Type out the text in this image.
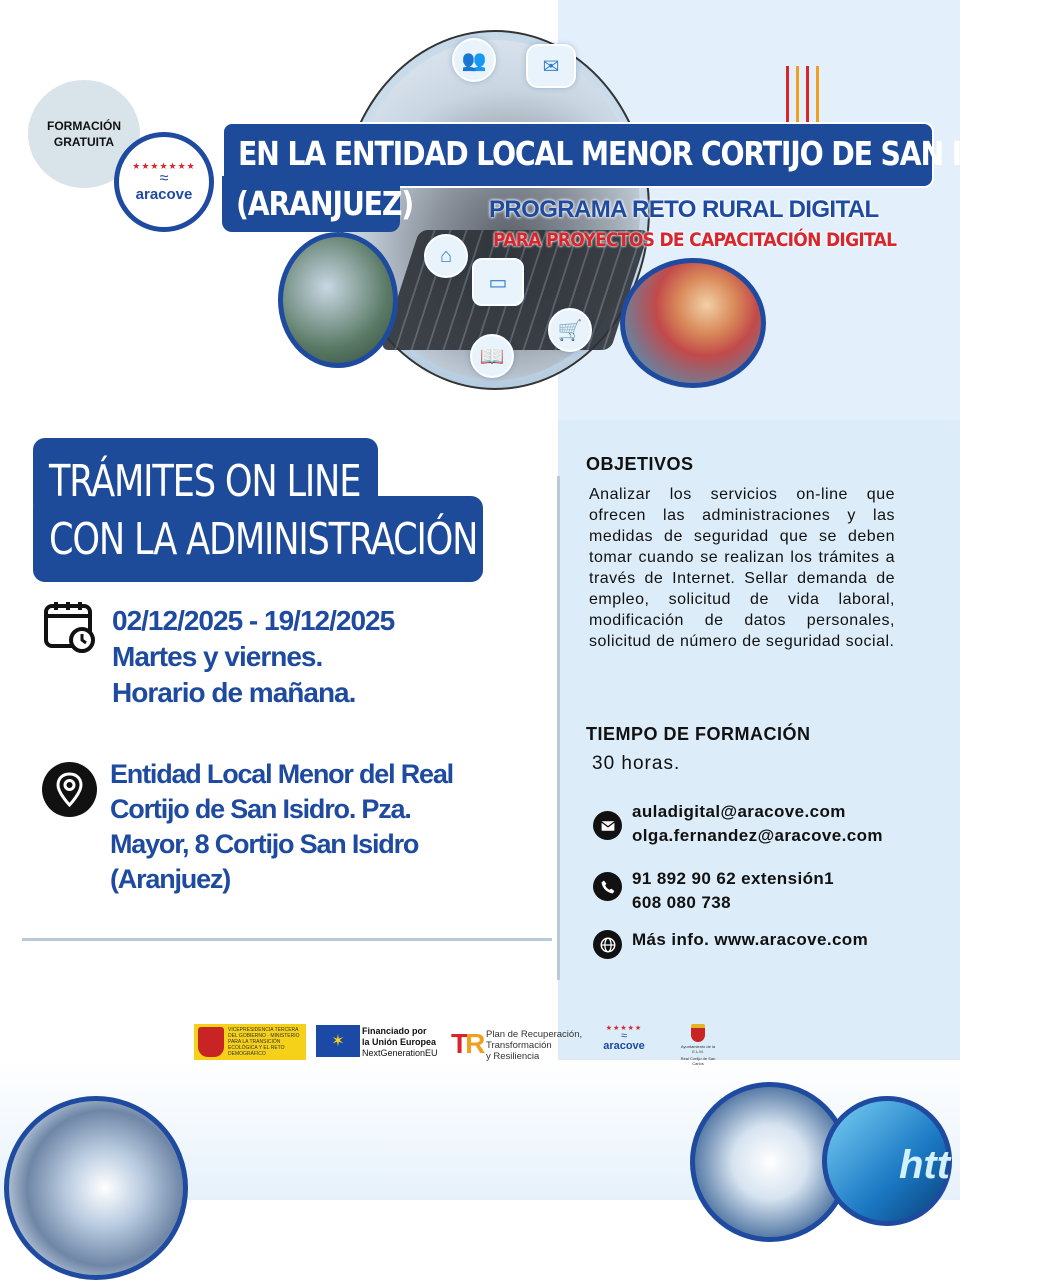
👥	✉
⌂
▭
📖
🛒
FORMACIÓN
GRATUITA
★★★★★★★
≈
aracove
EN LA ENTIDAD LOCAL MENOR CORTIJO DE SAN ISIDRO
(ARANJUEZ)	PROGRAMA RETO RURAL DIGITAL
PARA PROYECTOS DE CAPACITACIÓN DIGITAL
TRÁMITES ON LINE
CON LA ADMINISTRACIÓN
02/12/2025 - 19/12/2025
Martes y viernes.
Horario de mañana.
Entidad Local Menor del Real
Cortijo de San Isidro. Pza.
Mayor, 8 Cortijo San Isidro
(Aranjuez)
OBJETIVOS
Analizar los servicios on-line que ofrecen las administraciones y las medidas de seguridad que se deben tomar cuando se realizan los trámites a través de Internet. Sellar demanda de empleo, solicitud de vida laboral, modificación de datos personales, solicitud de número de seguridad social.
TIEMPO DE FORMACIÓN
30 horas.
auladigital@aracove.com
olga.fernandez@aracove.com
91 892 90 62 extensión1
608 080 738
Más info. www.aracove.com
VICEPRESIDENCIA TERCERA DEL GOBIERNO · MINISTERIO PARA LA TRANSICIÓN ECOLÓGICA Y EL RETO DEMOGRÁFICO
✶
Financiado por
la Unión Europea
NextGenerationEU TR Plan de Recuperación,
Transformación
y Resiliencia
★★★★★
≈
aracove	Ayuntamiento de la E.L.M.
Real Cortijo de San Carlos
htt
